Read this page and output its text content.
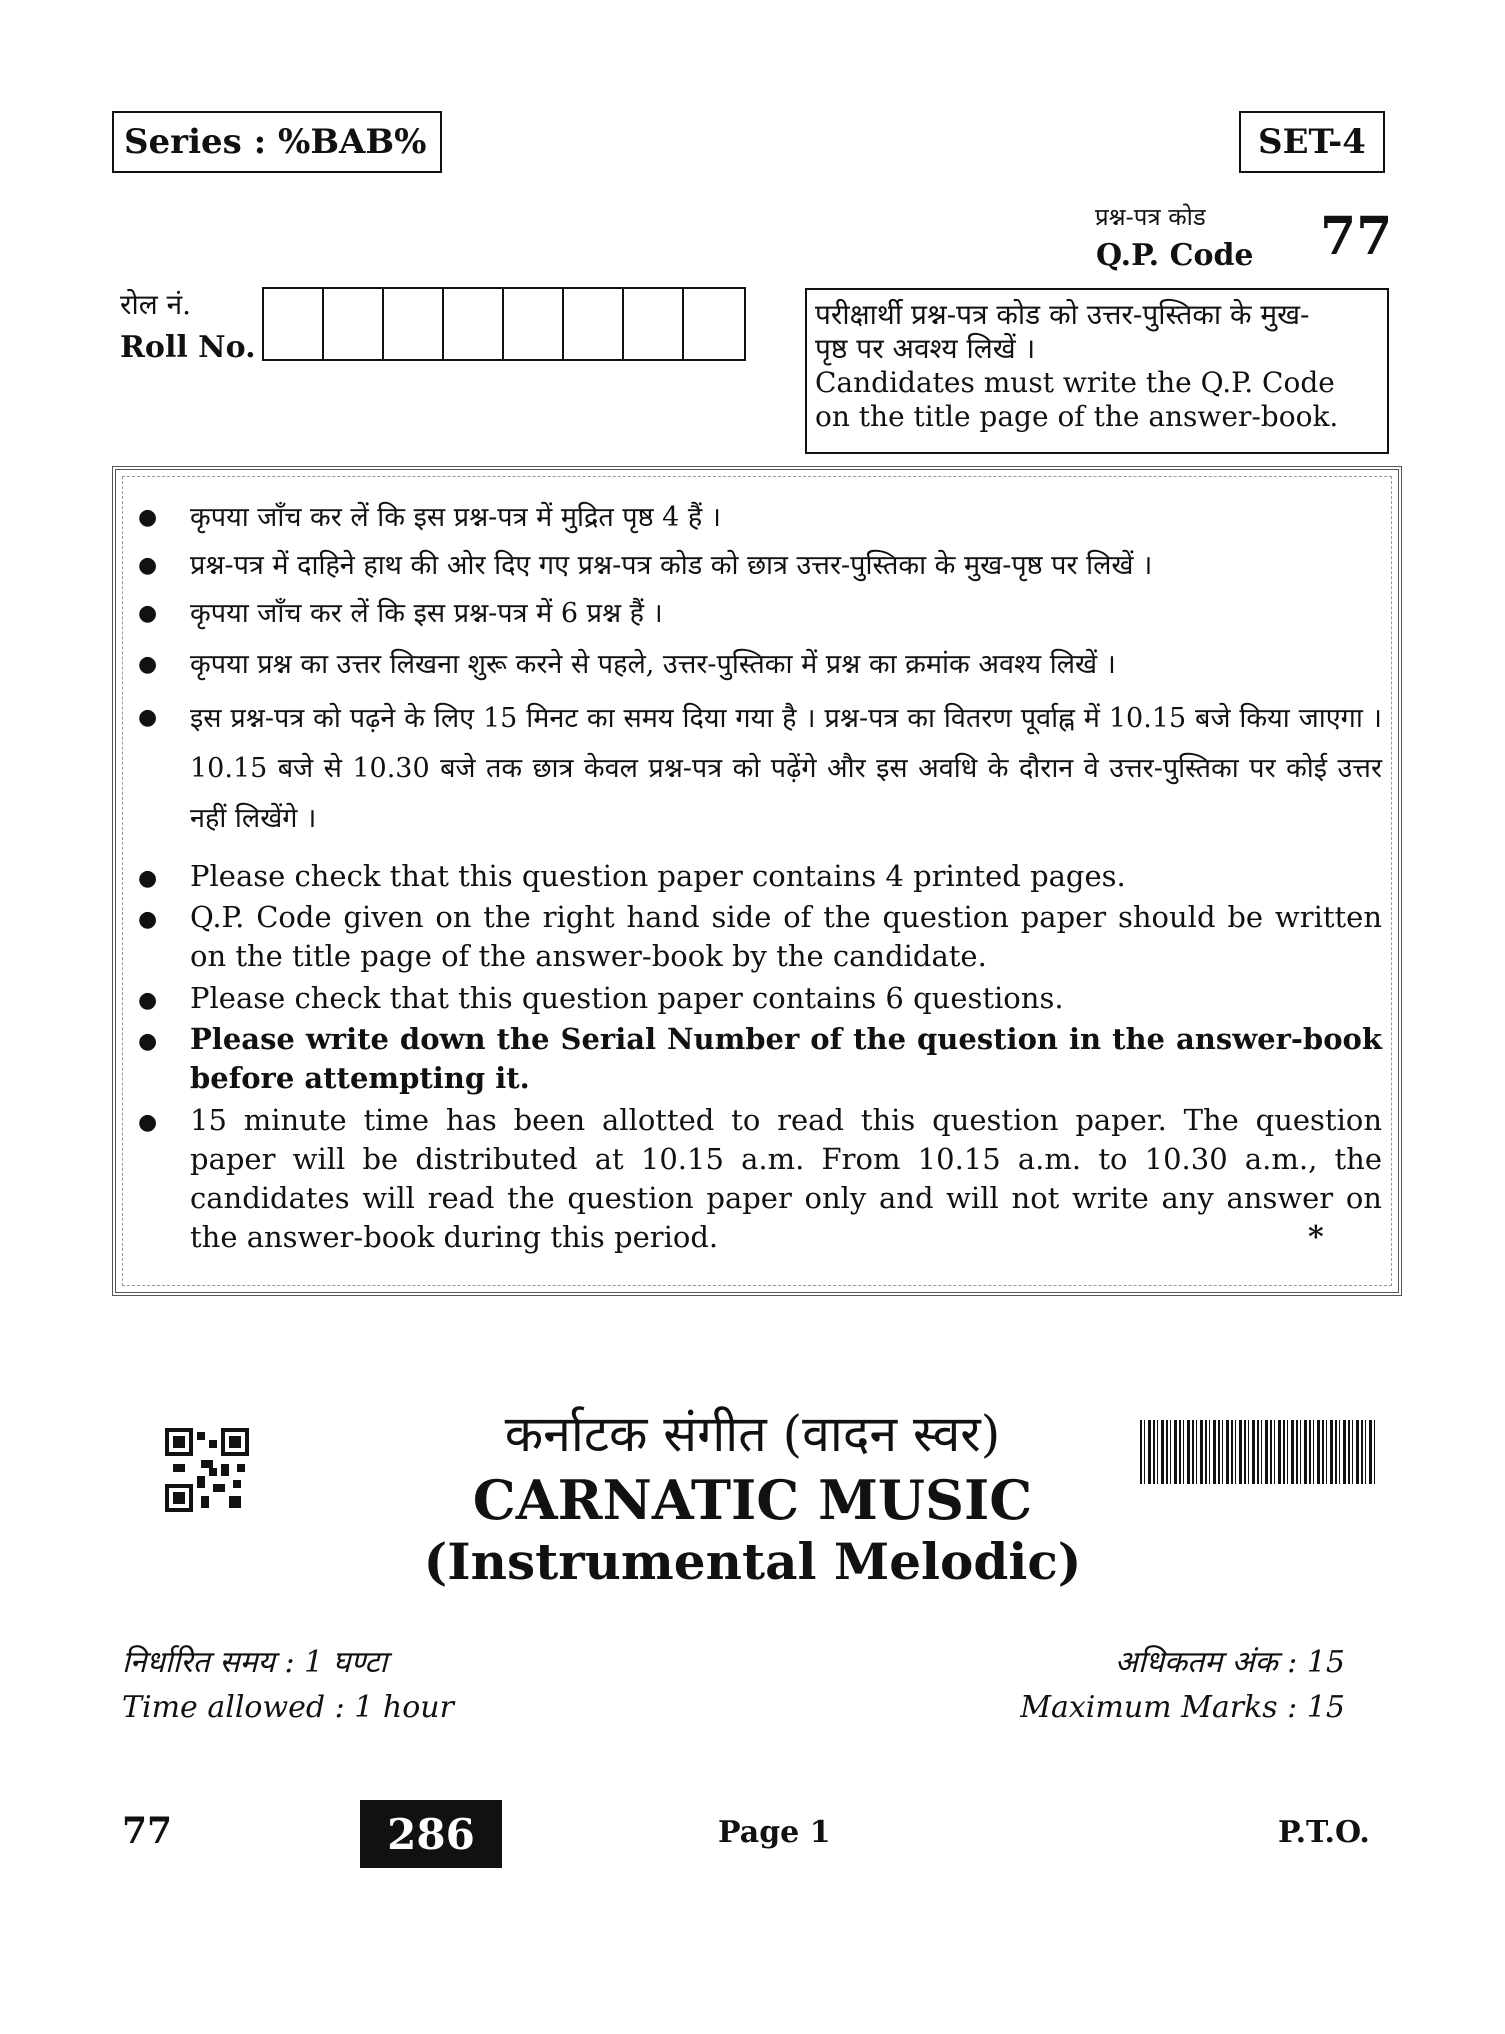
Series : %BAB%	SET-4
प्रश्न-पत्र कोड
Q.P. Code 77
रोल नं.
Roll No.
परीक्षार्थी प्रश्न-पत्र कोड को उत्तर-पुस्तिका के मुख-
पृष्ठ पर अवश्य लिखें ।
Candidates must write the Q.P. Code
on the title page of the answer-book.
● कृपया जाँच कर लें कि इस प्रश्न-पत्र में मुद्रित पृष्ठ 4 हैं ।
● प्रश्न-पत्र में दाहिने हाथ की ओर दिए गए प्रश्न-पत्र कोड को छात्र उत्तर-पुस्तिका के मुख-पृष्ठ पर लिखें ।
● कृपया जाँच कर लें कि इस प्रश्न-पत्र में 6 प्रश्न हैं ।
● कृपया प्रश्न का उत्तर लिखना शुरू करने से पहले, उत्तर-पुस्तिका में प्रश्न का क्रमांक अवश्य लिखें ।
● इस प्रश्न-पत्र को पढ़ने के लिए 15 मिनट का समय दिया गया है । प्रश्न-पत्र का वितरण पूर्वाह्न में 10.15 बजे किया जाएगा । 10.15 बजे से 10.30 बजे तक छात्र केवल प्रश्न-पत्र को पढ़ेंगे और इस अवधि के दौरान वे उत्तर-पुस्तिका पर कोई उत्तर नहीं लिखेंगे ।
● Please check that this question paper contains 4 printed pages.
● Q.P. Code given on the right hand side of the question paper should be written on the title page of the answer-book by the candidate.
● Please check that this question paper contains 6 questions.
● Please write down the Serial Number of the question in the answer-book before attempting it.
● 15 minute time has been allotted to read this question paper. The question paper will be distributed at 10.15 a.m. From 10.15 a.m. to 10.30 a.m., the candidates will read the question paper only and will not write any answer on the answer-book during this period.	*
कर्नाटक संगीत (वादन स्वर)
CARNATIC MUSIC
(Instrumental Melodic)
निर्धारित समय : 1 घण्टा
Time allowed : 1 hour
अधिकतम अंक : 15
Maximum Marks : 15
77	286	Page 1	P.T.O.
